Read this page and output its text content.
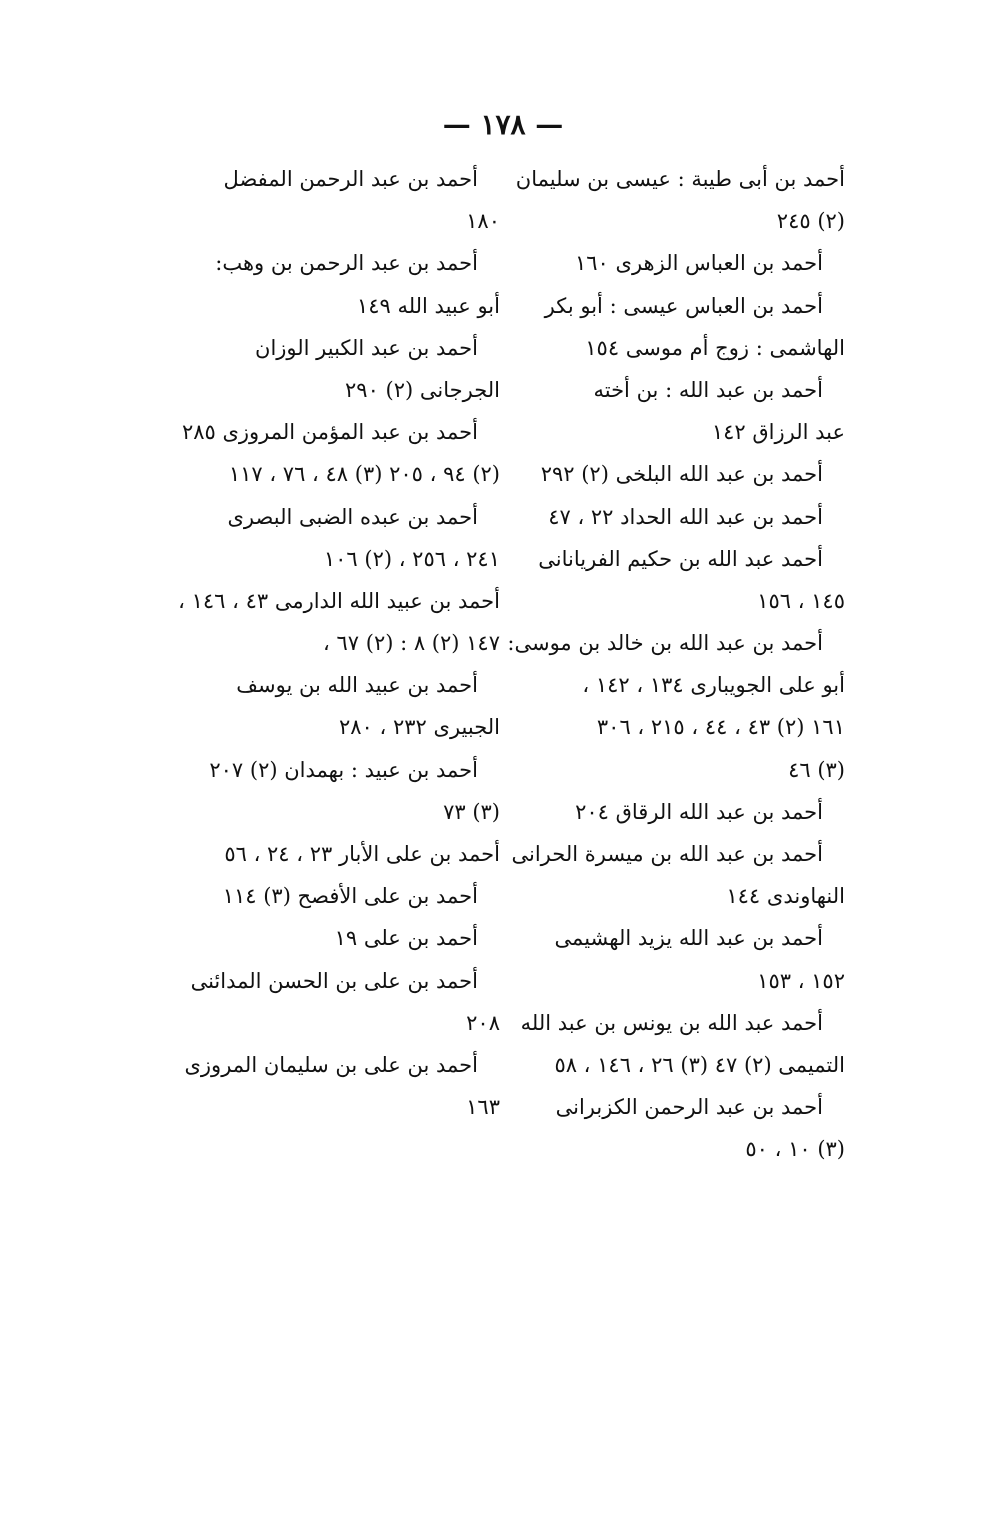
— ١٧٨ —
أحمد بن أبى طيبة : عيسى بن سليمان
(٢) ٢٤٥
أحمد بن العباس الزهرى ١٦٠
أحمد بن العباس عيسى : أبو بكر
الهاشمى : زوج أم موسى ١٥٤
أحمد بن عبد الله : بن أخته
عبد الرزاق ١٤٢
أحمد بن عبد الله البلخى (٢) ٢٩٢
أحمد بن عبد الله الحداد ٢٢ ، ٤٧
أحمد عبد الله بن حكيم الفريانانى
١٤٥ ، ١٥٦
أحمد بن عبد الله بن خالد بن موسى:
أبو على الجويبارى ١٣٤ ، ١٤٢ ،
١٦١ (٢) ٤٣ ، ٤٤ ، ٢١٥ ، ٣٠٦
(٣) ٤٦
أحمد بن عبد الله الرقاق ٢٠٤
أحمد بن عبد الله بن ميسرة الحرانى
النهاوندى ١٤٤
أحمد بن عبد الله يزيد الهشيمى
١٥٢ ، ١٥٣
أحمد عبد الله بن يونس بن عبد الله
التميمى (٢) ٤٧ (٣) ٢٦ ، ١٤٦ ، ٥٨
أحمد بن عبد الرحمن الكزبرانى
(٣) ١٠ ، ٥٠
أحمد بن عبد الرحمن المفضل
١٨٠
أحمد بن عبد الرحمن بن وهب:
أبو عبيد الله ١٤٩
أحمد بن عبد الكبير الوزان
الجرجانى (٢) ٢٩٠
أحمد بن عبد المؤمن المروزى ٢٨٥
(٢) ٩٤ ، ٢٠٥ (٣) ٤٨ ، ٧٦ ، ١١٧
أحمد بن عبده الضبى البصرى
٢٤١ ، ٢٥٦ ، (٢) ١٠٦
أحمد بن عبيد الله الدارمى ٤٣ ، ١٤٦ ،
١٤٧ (٢) ٨ : (٢) ٦٧ ،
أحمد بن عبيد الله بن يوسف
الجبيرى ٢٣٢ ، ٢٨٠
أحمد بن عبيد : بهمدان (٢) ٢٠٧
(٣) ٧٣
أحمد بن على الأبار ٢٣ ، ٢٤ ، ٥٦
أحمد بن على الأفصح (٣) ١١٤
أحمد بن على ١٩
أحمد بن على بن الحسن المدائنى
٢٠٨
أحمد بن على بن سليمان المروزى
١٦٣
